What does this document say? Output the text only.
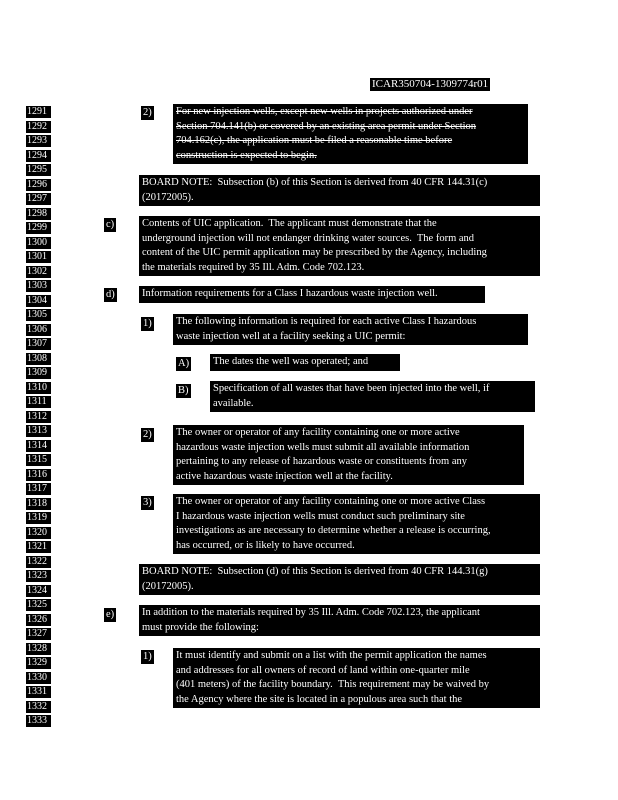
ICAR350704-1309774r01
1291
1292
1293
1294
1295
1296
1297
1298
1299
1300
1301
1302
1303
1304
1305
1306
1307
1308
1309
1310
1311
1312
1313
1314
1315
1316
1317
1318
1319
1320
1321
1322
1323
1324
1325
1326
1327
1328
1329
1330
1331
1332
1333
2) For new injection wells, except new wells in projects authorized under
Section 704.141(b) or covered by an existing area permit under Section
704.162(c), the application must be filed a reasonable time before
construction is expected to begin.
BOARD NOTE:  Subsection (b) of this Section is derived from 40 CFR 144.31(c)
(20172005).
c)	Contents of UIC application.  The applicant must demonstrate that the
underground injection will not endanger drinking water sources.  The form and
content of the UIC permit application may be prescribed by the Agency, including
the materials required by 35 Ill. Adm. Code 702.123.
d)	Information requirements for a Class I hazardous waste injection well.
1) The following information is required for each active Class I hazardous
waste injection well at a facility seeking a UIC permit:
A) The dates the well was operated; and
B) Specification of all wastes that have been injected into the well, if
available.
2) The owner or operator of any facility containing one or more active
hazardous waste injection wells must submit all available information
pertaining to any release of hazardous waste or constituents from any
active hazardous waste injection well at the facility.
3) The owner or operator of any facility containing one or more active Class
I hazardous waste injection wells must conduct such preliminary site
investigations as are necessary to determine whether a release is occurring,
has occurred, or is likely to have occurred.
BOARD NOTE:  Subsection (d) of this Section is derived from 40 CFR 144.31(g)
(20172005).
e)	In addition to the materials required by 35 Ill. Adm. Code 702.123, the applicant
must provide the following:
1) It must identify and submit on a list with the permit application the names
and addresses for all owners of record of land within one-quarter mile
(401 meters) of the facility boundary.  This requirement may be waived by
the Agency where the site is located in a populous area such that the
